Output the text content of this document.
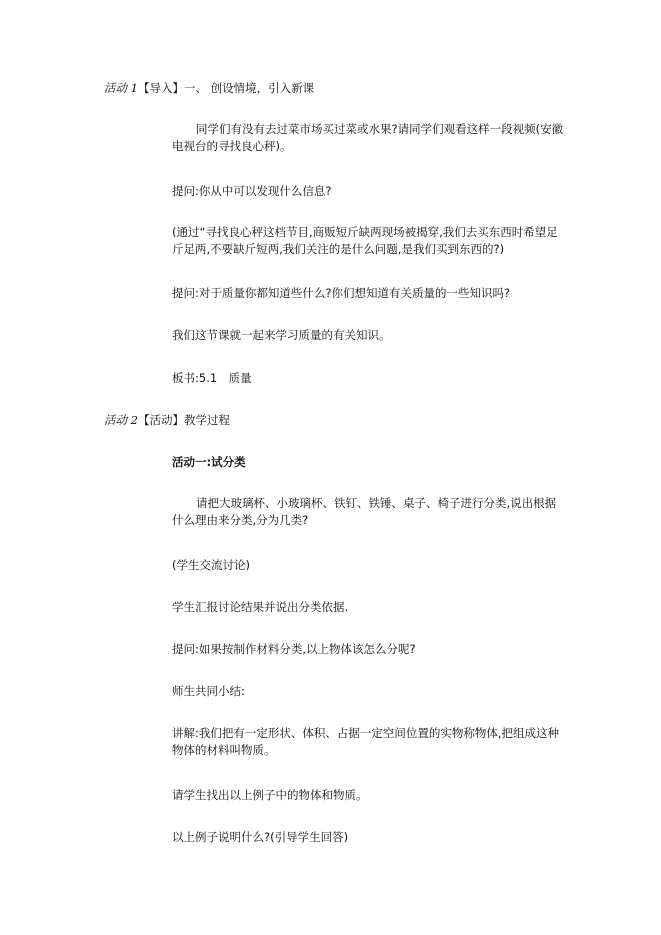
活动 1【导入】一、 创设情境，引入新课
同学们有没有去过菜市场买过菜或水果?请同学们观看这样一段视频(安徽电视台的寻找良心秤)。
提问:你从中可以发现什么信息?
(通过“寻找良心秤这档节目,商贩短斤缺两现场被揭穿,我们去买东西时希望足斤足两,不要缺斤短两,我们关注的是什么问题,是我们买到东西的?)
提问:对于质量你都知道些什么?你们想知道有关质量的一些知识吗?
我们这节课就一起来学习质量的有关知识。
板书:5.1　质量
活动 2【活动】教学过程
活动一:试分类
请把大玻璃杯、小玻璃杯、铁钉、铁锤、桌子、椅子进行分类,说出根据什么理由来分类,分为几类?
(学生交流讨论)
学生汇报讨论结果并说出分类依据.
提问:如果按制作材料分类,以上物体该怎么分呢?
师生共同小结:
讲解:我们把有一定形状、体积、占据一定空间位置的实物称物体,把组成这种物体的材料叫物质。
请学生找出以上例子中的物体和物质。
以上例子说明什么?(引导学生回答)
